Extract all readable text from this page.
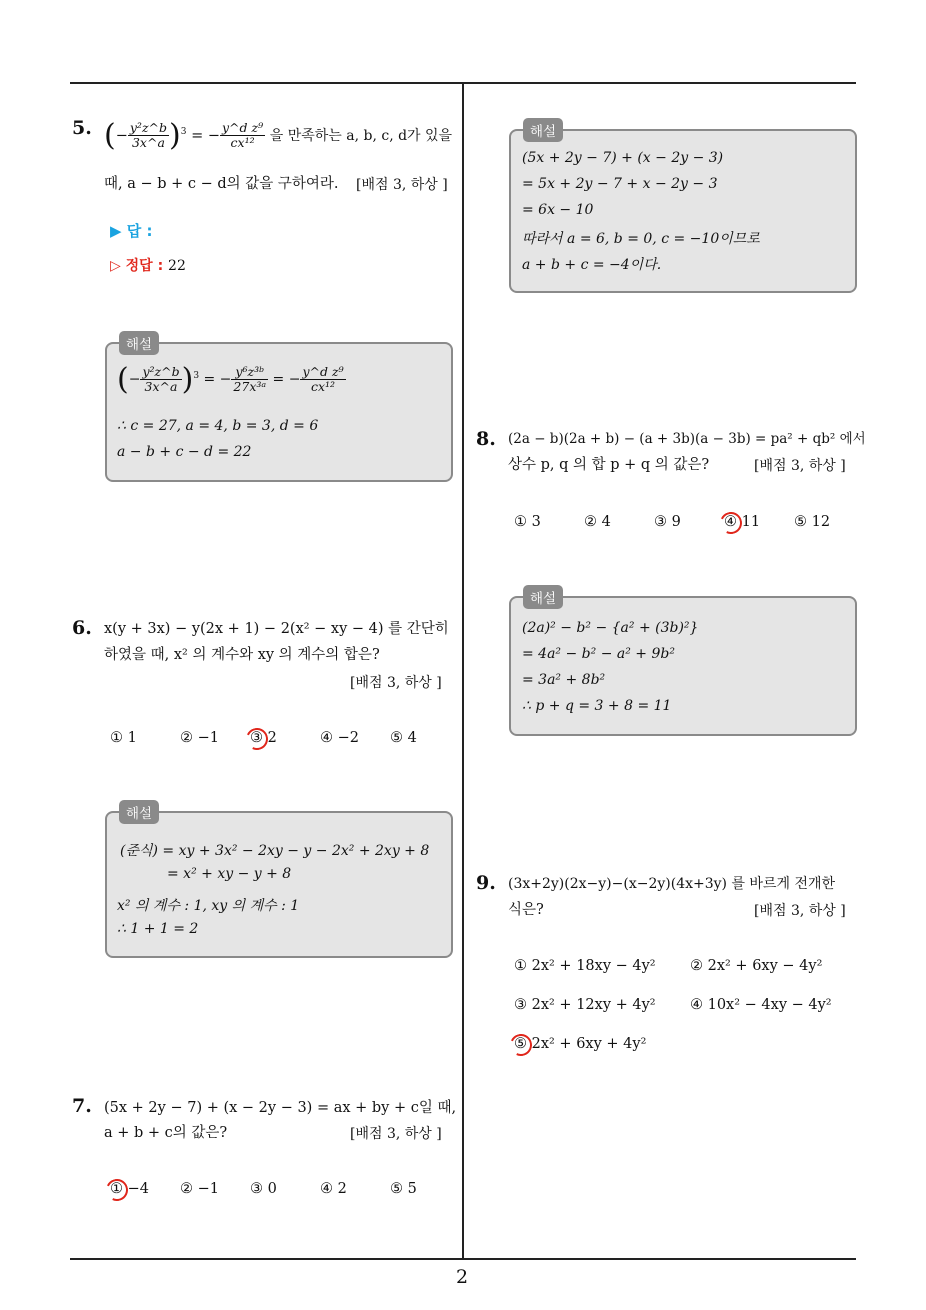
2
5. (− $\frac{\text{y²z\textasciicircum{}b}}{3x\^{}a} )^3$ = − $\frac{\text{y\textasciicircum{}d z⁹}}{\text{cx¹²}}$ 을 만족하는 a, b, c, d가 있을
때, a − b + c − d의 값을 구하여라. [배점 3, 하상 ]
▶ 답 :
▷ 정답 : 22
해설
(− $\frac{\text{y²z\textasciicircum{}b}}{3x\^{}a} )^3$ = − $\frac{\text{y⁶z³ᵇ}}{\text{27x³ᵃ}}$ = − $\frac{\text{y\textasciicircum{}d z⁹}}{\text{cx¹²}}$
∴ c = 27, a = 4, b = 3, d = 6
a − b + c − d = 22
6. x(y + 3x) − y(2x + 1) − 2(x² − xy − 4) 를 간단히
하였을 때, x² 의 계수와 xy 의 계수의 합은?
[배점 3, 하상 ]
① 1	② −1 ③ 2	④ −2 ⑤ 4
해설
(준식) = xy + 3x² − 2xy − y − 2x² + 2xy + 8
= x² + xy − y + 8
x² 의 계수 : 1, xy 의 계수 : 1
∴ 1 + 1 = 2
7. (5x + 2y − 7) + (x − 2y − 3) = ax + by + c일 때,
a + b + c의 값은?	[배점 3, 하상 ]
① −4 ② −1 ③ 0	④ 2	⑤ 5
해설
(5x + 2y − 7) + (x − 2y − 3)
= 5x + 2y − 7 + x − 2y − 3
= 6x − 10
따라서 a = 6, b = 0, c = −10이므로
a + b + c = −4이다.
8. (2a − b)(2a + b) − (a + 3b)(a − 3b) = pa² + qb² 에서
상수 p, q 의 합 p + q 의 값은?	[배점 3, 하상 ]
① 3	② 4	③ 9	④ 11 ⑤ 12
해설
(2a)² − b² − {a² + (3b)²}
= 4a² − b² − a² + 9b²
= 3a² + 8b²
∴ p + q = 3 + 8 = 11
9. (3x+2y)(2x−y)−(x−2y)(4x+3y) 를 바르게 전개한
식은?	[배점 3, 하상 ]
① 2x² + 18xy − 4y² ② 2x² + 6xy − 4y²
③ 2x² + 12xy + 4y² ④ 10x² − 4xy − 4y²
⑤ 2x² + 6xy + 4y²
